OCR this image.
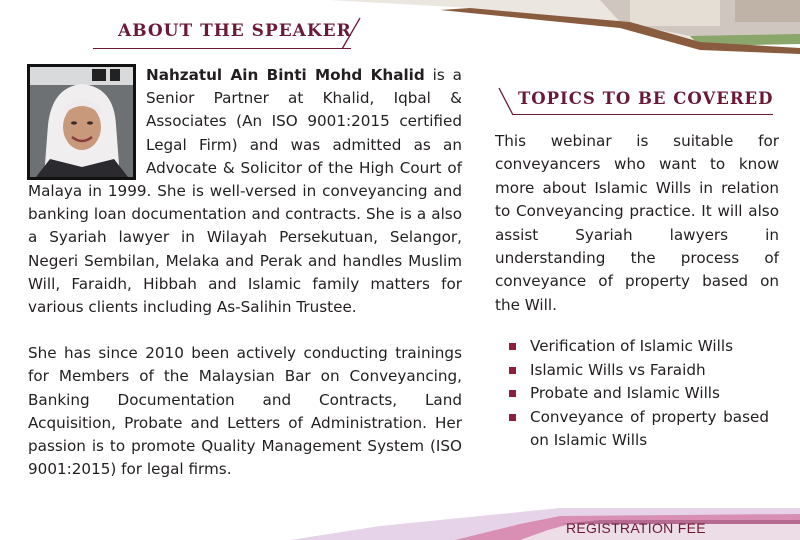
ABOUT THE SPEAKER

Nahzatul Ain Binti Mohd Khalid is a Senior Partner at Khalid, Iqbal & Associates (An ISO 9001:2015 certified Legal Firm) and was admitted as an Advocate & Solicitor of the High Court of Malaya in 1999. She is well-versed in conveyancing and banking loan documentation and contracts. She is a also a Syariah lawyer in Wilayah Persekutuan, Selangor, Negeri Sembilan, Melaka and Perak and handles Muslim Will, Faraidh, Hibbah and Islamic family matters for various clients including As-Salihin Trustee.

She has since 2010 been actively conducting trainings for Members of the Malaysian Bar on Conveyancing, Banking Documentation and Contracts, Land Acquisition, Probate and Letters of Administration. Her passion is to promote Quality Management System (ISO 9001:2015) for legal firms.

TOPICS TO BE COVERED

This webinar is suitable for conveyancers who want to know more about Islamic Wills in relation to Conveyancing practice. It will also assist Syariah lawyers in understanding the process of conveyance of property based on the Will.

Verification of Islamic Wills
Islamic Wills vs Faraidh
Probate and Islamic Wills
Conveyance of property based on Islamic Wills
REGISTRATION FEE
